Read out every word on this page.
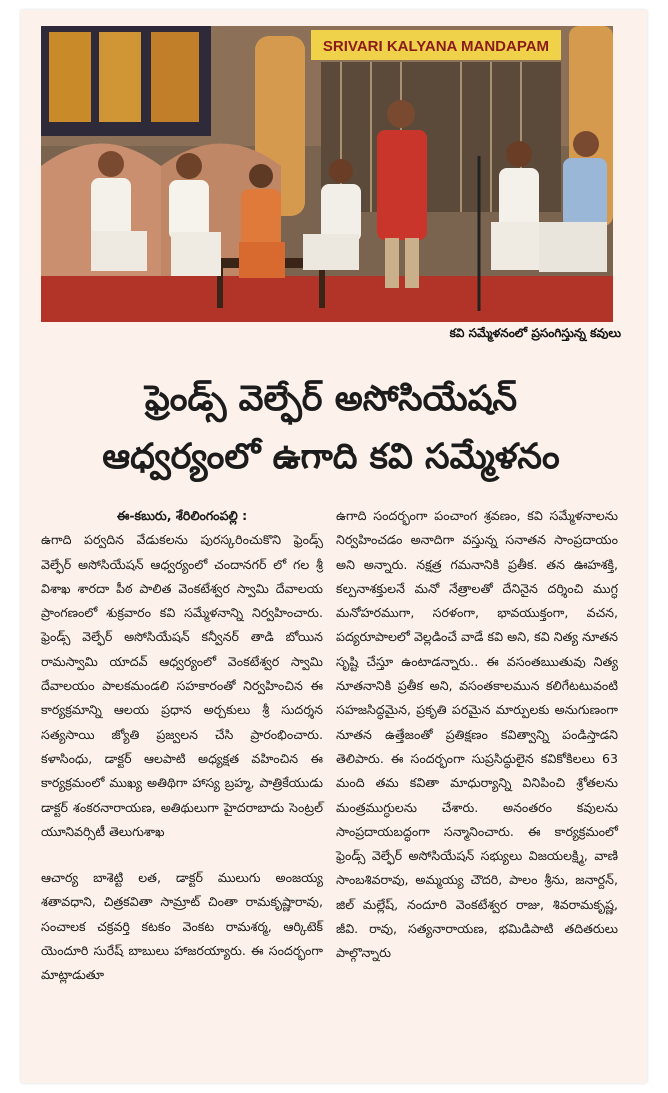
SRIVARI KALYANA MANDAPAM
కవి సమ్మేళనంలో ప్రసంగిస్తున్న కవులు
ఫ్రెండ్స్ వెల్ఫేర్ అసోసియేషన్
ఆధ్వర్యంలో ఉగాది కవి సమ్మేళనం
ఈ-కబురు, శేరిలింగంపల్లి :

ఉగాది పర్వదిన వేడుకలను పురస్కరించుకొని ఫ్రెండ్స్ వెల్ఫేర్ అసోసియేషన్ ఆధ్వర్యంలో చందానగర్ లో గల శ్రీ విశాఖ శారదా పీఠ పాలిత వెంకటేశ్వర స్వామి దేవాలయ ప్రాంగణంలో శుక్రవారం కవి సమ్మేళనాన్ని నిర్వహించారు. ఫ్రెండ్స్ వెల్ఫేర్ అసోసియేషన్ కన్వీనర్ తాడి బోయిన రామస్వామి యాదవ్ ఆధ్వర్యంలో వెంకటేశ్వర స్వామి దేవాలయం పాలకమండలి సహకారంతో నిర్వహించిన ఈ కార్యక్రమాన్ని ఆలయ ప్రధాన అర్చకులు శ్రీ సుదర్శన సత్యసాయి జ్యోతి ప్రజ్వలన చేసి ప్రారంభించారు. కళాసింధు, డాక్టర్ ఆలపాటి అధ్యక్షత వహించిన ఈ కార్యక్రమంలో ముఖ్య అతిథిగా హాస్య బ్రహ్మ, పాత్రికేయుడు డాక్టర్ శంకరనారాయణ, అతిథులుగా హైదరాబాదు సెంట్రల్ యూనివర్సిటీ తెలుగుశాఖ

ఆచార్య బాశెట్టి లత, డాక్టర్ ములుగు అంజయ్య శతావధాని, చిత్రకవితా సామ్రాట్ చింతా రామకృష్ణారావు, సంచాలక చక్రవర్తి కటకం వెంకట రామశర్మ, ఆర్కిటెక్ యెందూరి సురేష్ బాబులు హాజరయ్యారు. ఈ సందర్భంగా మాట్లాడుతూ

ఉగాది సందర్భంగా పంచాంగ శ్రవణం, కవి సమ్మేళనాలను నిర్వహించడం అనాదిగా వస్తున్న సనాతన సాంప్రదాయం అని అన్నారు. నక్షత్ర గమనానికి ప్రతీక. తన ఊహశక్తి, కల్పనాశక్తులనే మనో నేత్రాలతో దేనినైన దర్శించి ముగ్ధ మనోహరముగా, సరళంగా, భావయుక్తంగా, వచన, పద్యరూపాలలో వెల్లడించే వాడే కవి అని, కవి నిత్య నూతన సృష్టి చేస్తూ ఉంటాడన్నారు.. ఈ వసంతఋతువు నిత్య నూతనానికి ప్రతీక అని, వసంతకాలమున కలిగేటటువంటి సహజసిద్ధమైన, ప్రకృతి పరమైన మార్పులకు అనుగుణంగా నూతన ఉత్తేజంతో ప్రతిక్షణం కవిత్వాన్ని పండిస్తాడని తెలిపారు. ఈ సందర్భంగా సుప్రసిద్ధులైన కవికోకిలలు 63 మంది తమ కవితా మాధుర్యాన్ని వినిపించి శ్రోతలను మంత్రముగ్ధులను చేశారు. అనంతరం కవులను సాంప్రదాయబద్ధంగా సన్మానించారు. ఈ కార్యక్రమంలో ఫ్రెండ్స్ వెల్ఫేర్ అసోసియేషన్ సభ్యులు విజయలక్ష్మి, వాణి సాంబశివరావు, అమ్మయ్య చౌదరి, పాలం శ్రీను, జనార్దన్, జిల్ మల్లేష్, నందూరి వెంకటేశ్వర రాజు, శివరామకృష్ణ, జీవి. రావు, సత్యనారాయణ, భమిడిపాటి తదితరులు పాల్గొన్నారు
